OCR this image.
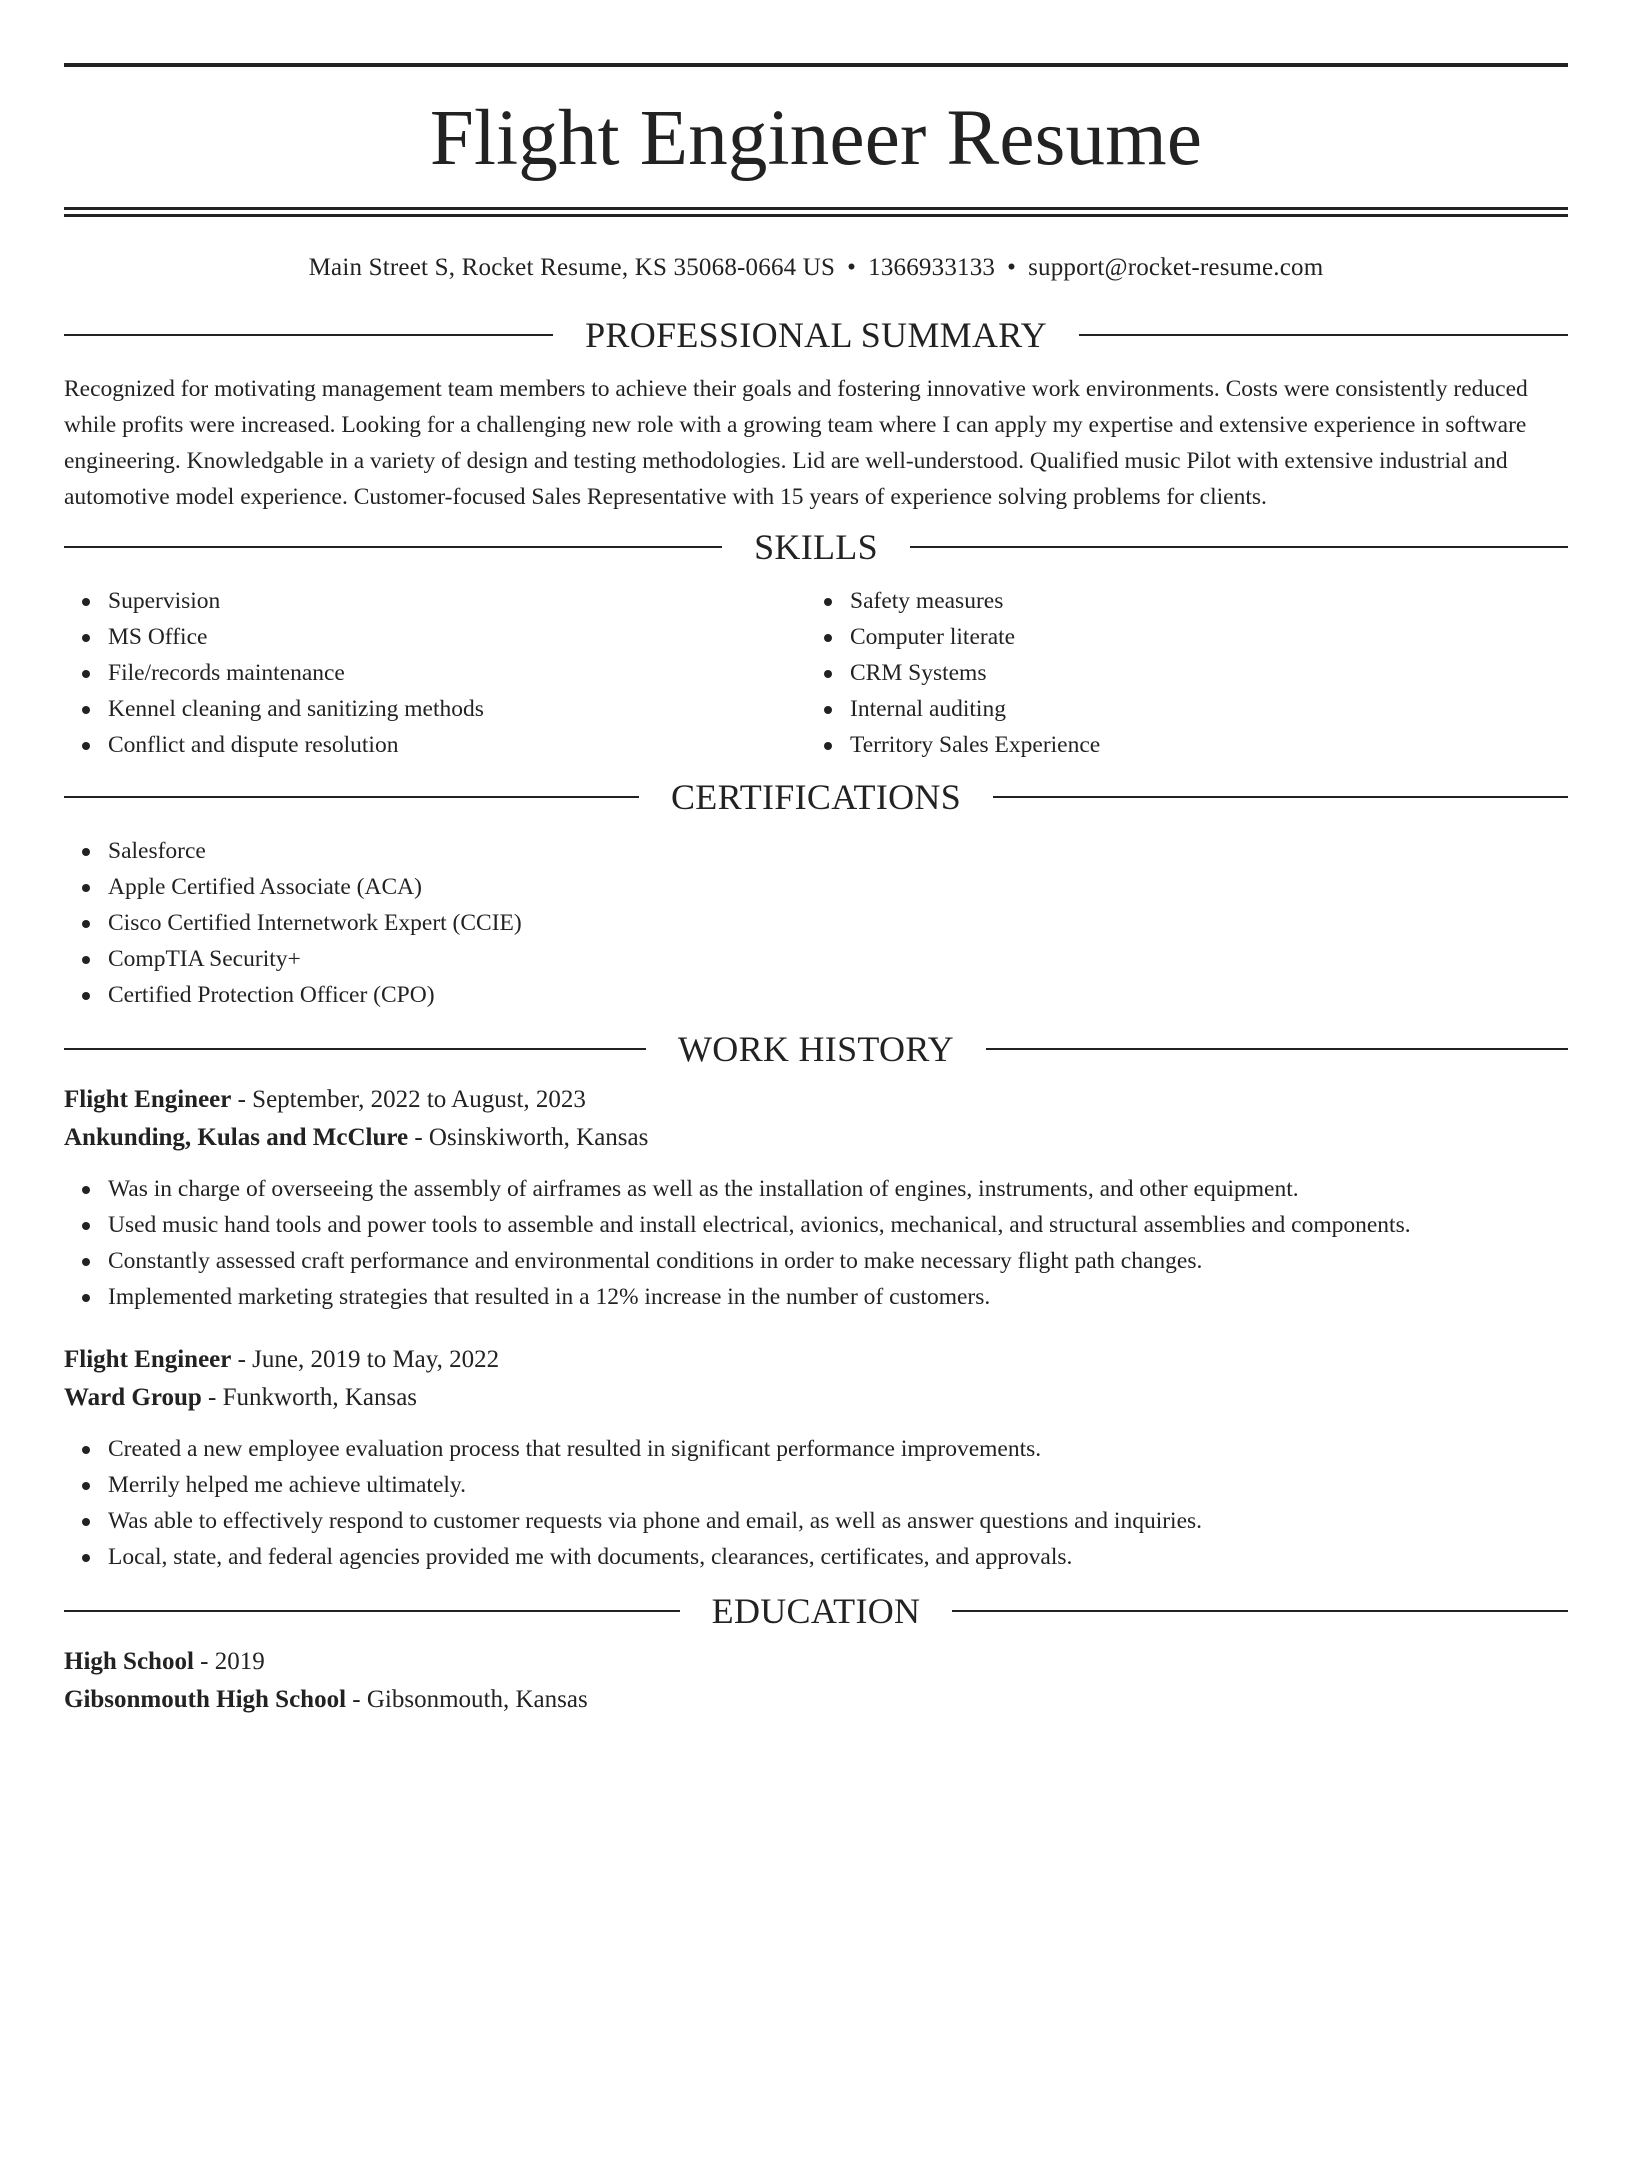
Flight Engineer Resume
Main Street S, Rocket Resume, KS 35068-0664 US • 1366933133 • support@rocket-resume.com
PROFESSIONAL SUMMARY

Recognized for motivating management team members to achieve their goals and fostering innovative work environments. Costs were consistently reduced while profits were increased. Looking for a challenging new role with a growing team where I can apply my expertise and extensive experience in software engineering. Knowledgable in a variety of design and testing methodologies. Lid are well-understood. Qualified music Pilot with extensive industrial and automotive model experience. Customer-focused Sales Representative with 15 years of experience solving problems for clients.

SKILLS
Supervision
MS Office
File/records maintenance
Kennel cleaning and sanitizing methods
Conflict and dispute resolution
Safety measures
Computer literate
CRM Systems
Internal auditing
Territory Sales Experience
CERTIFICATIONS
Salesforce
Apple Certified Associate (ACA)
Cisco Certified Internetwork Expert (CCIE)
CompTIA Security+
Certified Protection Officer (CPO)
WORK HISTORY
Flight Engineer - September, 2022 to August, 2023
Ankunding, Kulas and McClure - Osinskiworth, Kansas
Was in charge of overseeing the assembly of airframes as well as the installation of engines, instruments, and other equipment.
Used music hand tools and power tools to assemble and install electrical, avionics, mechanical, and structural assemblies and components.
Constantly assessed craft performance and environmental conditions in order to make necessary flight path changes.
Implemented marketing strategies that resulted in a 12% increase in the number of customers.
Flight Engineer - June, 2019 to May, 2022
Ward Group - Funkworth, Kansas
Created a new employee evaluation process that resulted in significant performance improvements.
Merrily helped me achieve ultimately.
Was able to effectively respond to customer requests via phone and email, as well as answer questions and inquiries.
Local, state, and federal agencies provided me with documents, clearances, certificates, and approvals.
EDUCATION
High School - 2019
Gibsonmouth High School - Gibsonmouth, Kansas
